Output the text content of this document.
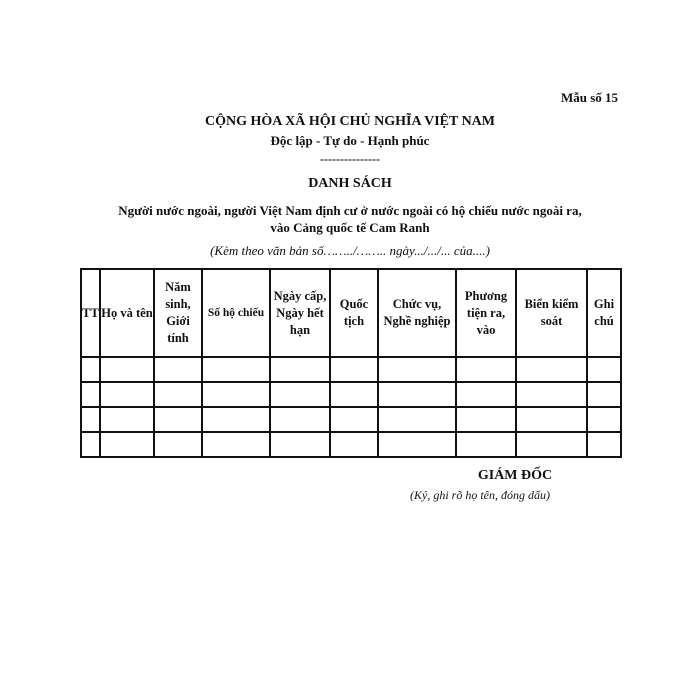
Mẫu số 15
CỘNG HÒA XÃ HỘI CHỦ NGHĨA VIỆT NAM
Độc lập - Tự do - Hạnh phúc
---------------
DANH SÁCH
Người nước ngoài, người Việt Nam định cư ở nước ngoài có hộ chiếu nước ngoài ra,
vào Cảng quốc tế Cam Ranh
(Kèm theo văn bản số……../…….. ngày.../.../... của....)
TT	Họ và tên	Năm sinh, Giới tính	Số hộ chiếu	Ngày cấp, Ngày hết hạn	Quốc tịch	Chức vụ, Nghề nghiệp	Phương tiện ra, vào	Biển kiểm soát	Ghi chú

GIÁM ĐỐC
(Ký, ghi rõ họ tên, đóng dấu)
